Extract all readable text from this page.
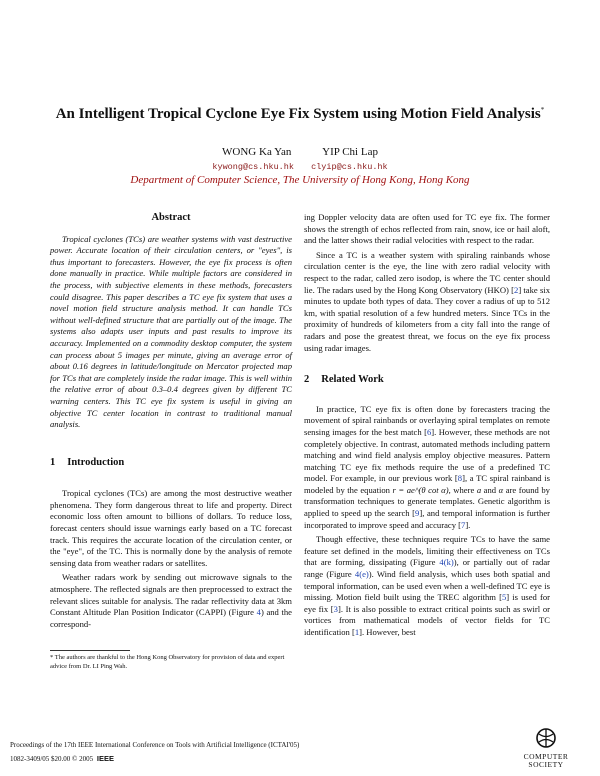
An Intelligent Tropical Cyclone Eye Fix System using Motion Field Analysis*
WONG Ka Yan	YIP Chi Lap
kywong@cs.hku.hk clyip@cs.hku.hk
Department of Computer Science, The University of Hong Kong, Hong Kong
Abstract

Tropical cyclones (TCs) are weather systems with vast destructive power. Accurate location of their circulation centers, or "eyes", is thus important to forecasters. However, the eye fix process is often done manually in practice. While multiple factors are considered in the process, with subjective elements in these methods, forecasters could disagree. This paper describes a TC eye fix system that uses a novel motion field structure analysis method. It can handle TCs without well-defined structure that are partially out of the image. The systems also adapts user inputs and past results to improve its accuracy. Implemented on a commodity desktop computer, the system can process about 5 images per minute, giving an average error of about 0.16 degrees in latitude/longitude on Mercator projected map for TCs that are completely inside the radar image. This is well within the relative error of about 0.3–0.4 degrees given by different TC warning centers. This TC eye fix system is useful in giving an objective TC center location in contrast to traditional manual analysis.

1 Introduction

Tropical cyclones (TCs) are among the most destructive weather phenomena. They form dangerous threat to life and property. Direct economic loss often amount to billions of dollars. To reduce loss, forecast centers should issue warnings early based on a TC forecast track. This requires the accurate location of the circulation center, or the "eye", of the TC. This is normally done by the analysis of remote sensing data from weather radars or satellites.

Weather radars work by sending out microwave signals to the atmosphere. The reflected signals are then preprocessed to extract the relevant slices suitable for analysis. The radar reflectivity data at 3km Constant Altitude Plan Position Indicator (CAPPI) (Figure 4) and the correspond-

* The authors are thankful to the Hong Kong Observatory for provision of data and expert advice from Dr. LI Ping Wah.

ing Doppler velocity data are often used for TC eye fix. The former shows the strength of echos reflected from rain, snow, ice or hail aloft, and the latter shows their radial velocities with respect to the radar.

Since a TC is a weather system with spiraling rainbands whose circulation center is the eye, the line with zero radial velocity with respect to the radar, called zero isodop, is where the TC center should lie. The radars used by the Hong Kong Observatory (HKO) [2] take six minutes to update both types of data. They cover a radius of up to 512 km, with spatial resolution of a few hundred meters. Since TCs in the proximity of hundreds of kilometers from a city fall into the range of radars and pose the greatest threat, we focus on the eye fix process using radar images.

2 Related Work

In practice, TC eye fix is often done by forecasters tracing the movement of spiral rainbands or overlaying spiral templates on remote sensing images for the best match [6]. However, these methods are not completely objective. In contrast, automated methods including pattern matching and wind field analysis employ objective measures. Pattern matching TC eye fix methods require the use of a predefined TC model. For example, in our previous work [8], a TC spiral rainband is modeled by the equation r = ae^(θ cot α), where a and α are found by transformation techniques to generate templates. Genetic algorithm is applied to speed up the search [9], and temporal information is further incorporated to improve speed and accuracy [7].

Though effective, these techniques require TCs to have the same feature set defined in the models, limiting their effectiveness on TCs that are forming, dissipating (Figure 4(k)), or partially out of radar range (Figure 4(e)). Wind field analysis, which uses both spatial and temporal information, can be used even when a well-defined TC eye is missing. Motion field built using the TREC algorithm [5] is used for eye fix [3]. It is also possible to extract critical points such as swirl or vortices from mathematical models of vector fields for TC identification [1]. However, best

Proceedings of the 17th IEEE International Conference on Tools with Artificial Intelligence (ICTAI'05)
1082-3409/05 $20.00 © 2005 IEEE	COMPUTER
SOCIETY
